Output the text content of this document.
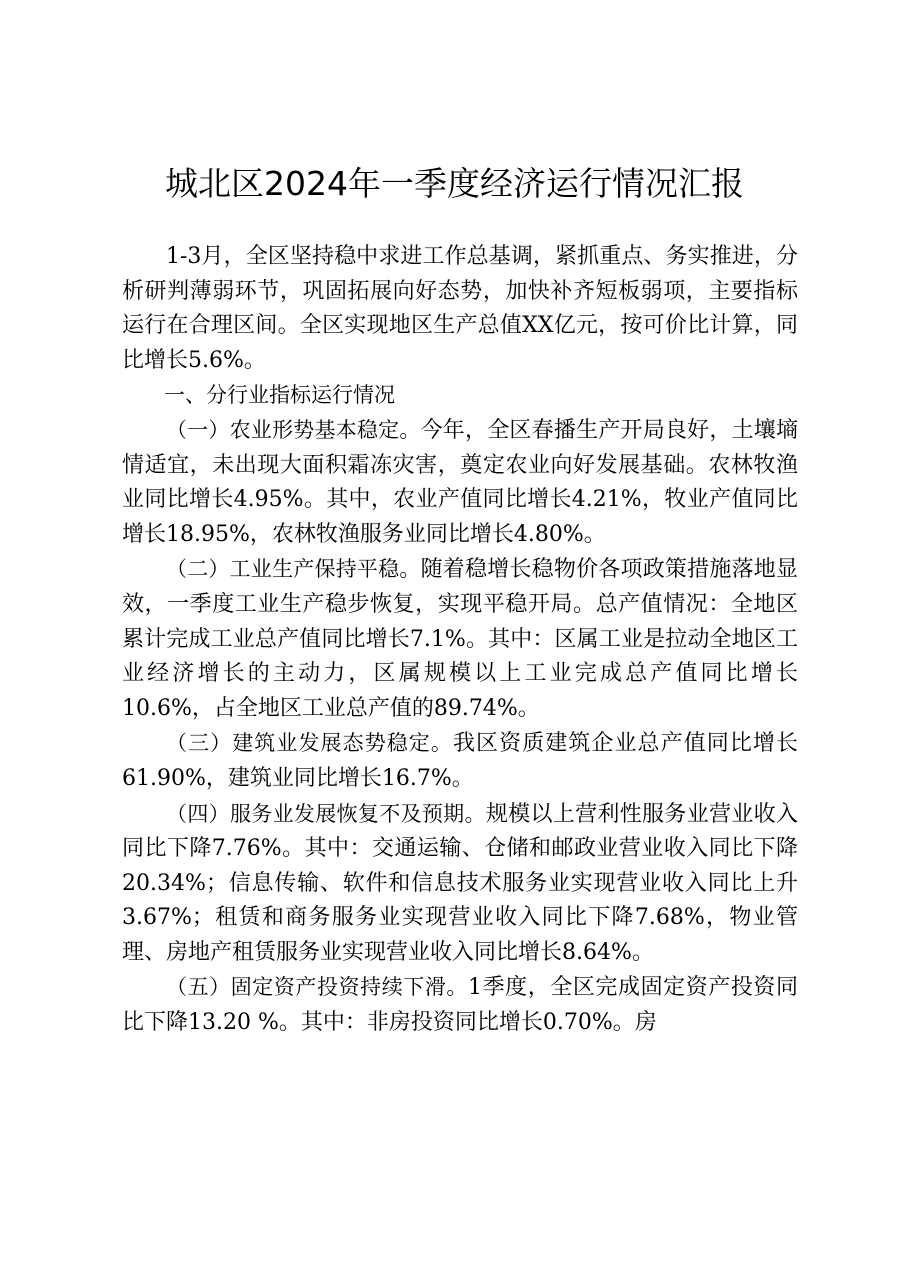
城北区2024年一季度经济运行情况汇报

1-3月，全区坚持稳中求进工作总基调，紧抓重点、务实推进，分析研判薄弱环节，巩固拓展向好态势，加快补齐短板弱项，主要指标运行在合理区间。全区实现地区生产总值XX亿元，按可价比计算，同比增长5.6%。

一、分行业指标运行情况

（一）农业形势基本稳定。今年，全区春播生产开局良好，土壤墒情适宜，未出现大面积霜冻灾害，奠定农业向好发展基础。农林牧渔业同比增长4.95%。其中，农业产值同比增长4.21%，牧业产值同比增长18.95%，农林牧渔服务业同比增长4.80%。

（二）工业生产保持平稳。随着稳增长稳物价各项政策措施落地显效，一季度工业生产稳步恢复，实现平稳开局。总产值情况：全地区累计完成工业总产值同比增长7.1%。其中：区属工业是拉动全地区工业经济增长的主动力，区属规模以上工业完成总产值同比增长10.6%，占全地区工业总产值的89.74%。

（三）建筑业发展态势稳定。我区资质建筑企业总产值同比增长61.90%，建筑业同比增长16.7%。

（四）服务业发展恢复不及预期。规模以上营利性服务业营业收入同比下降7.76%。其中：交通运输、仓储和邮政业营业收入同比下降20.34%；信息传输、软件和信息技术服务业实现营业收入同比上升3.67%；租赁和商务服务业实现营业收入同比下降7.68%，物业管理、房地产租赁服务业实现营业收入同比增长8.64%。

（五）固定资产投资持续下滑。1季度，全区完成固定资产投资同比下降13.20 %。其中：非房投资同比增长0.70%。房
